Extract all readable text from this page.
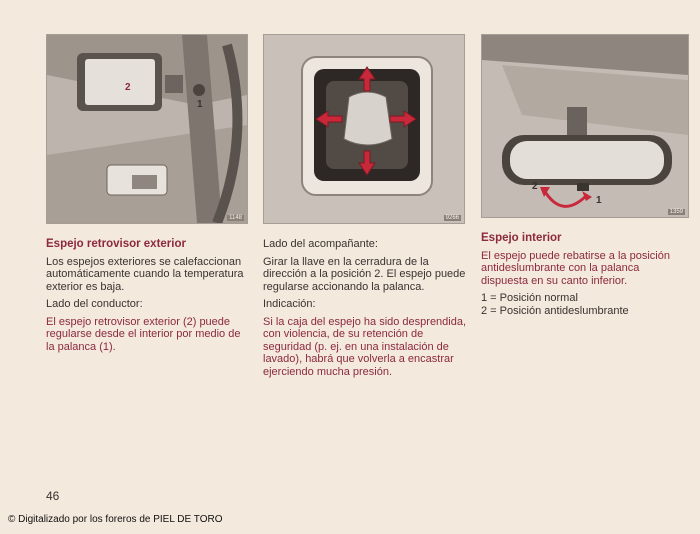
2
1
1148	9266
2
1
1359
Espejo retrovisor exterior

Los espejos exteriores se calefaccionan automáticamente cuando la temperatura exterior es baja.

Lado del conductor:

El espejo retrovisor exterior (2) puede regularse desde el interior por medio de la palanca (1).

Lado del acompañante:

Girar la llave en la cerradura de la dirección a la posición 2. El espejo puede regularse accionando la palanca.

Indicación:

Si la caja del espejo ha sido desprendida, con violencia, de su retención de seguridad (p. ej. en una instalación de lavado), habrá que volverla a encastrar ejerciendo mucha presión.

Espejo interior

El espejo puede rebatirse a la posición antideslumbrante con la palanca dispuesta en su canto inferior.

1 = Posición normal
2 = Posición antideslumbrante
46
© Digitalizado por los foreros de PIEL DE TORO
